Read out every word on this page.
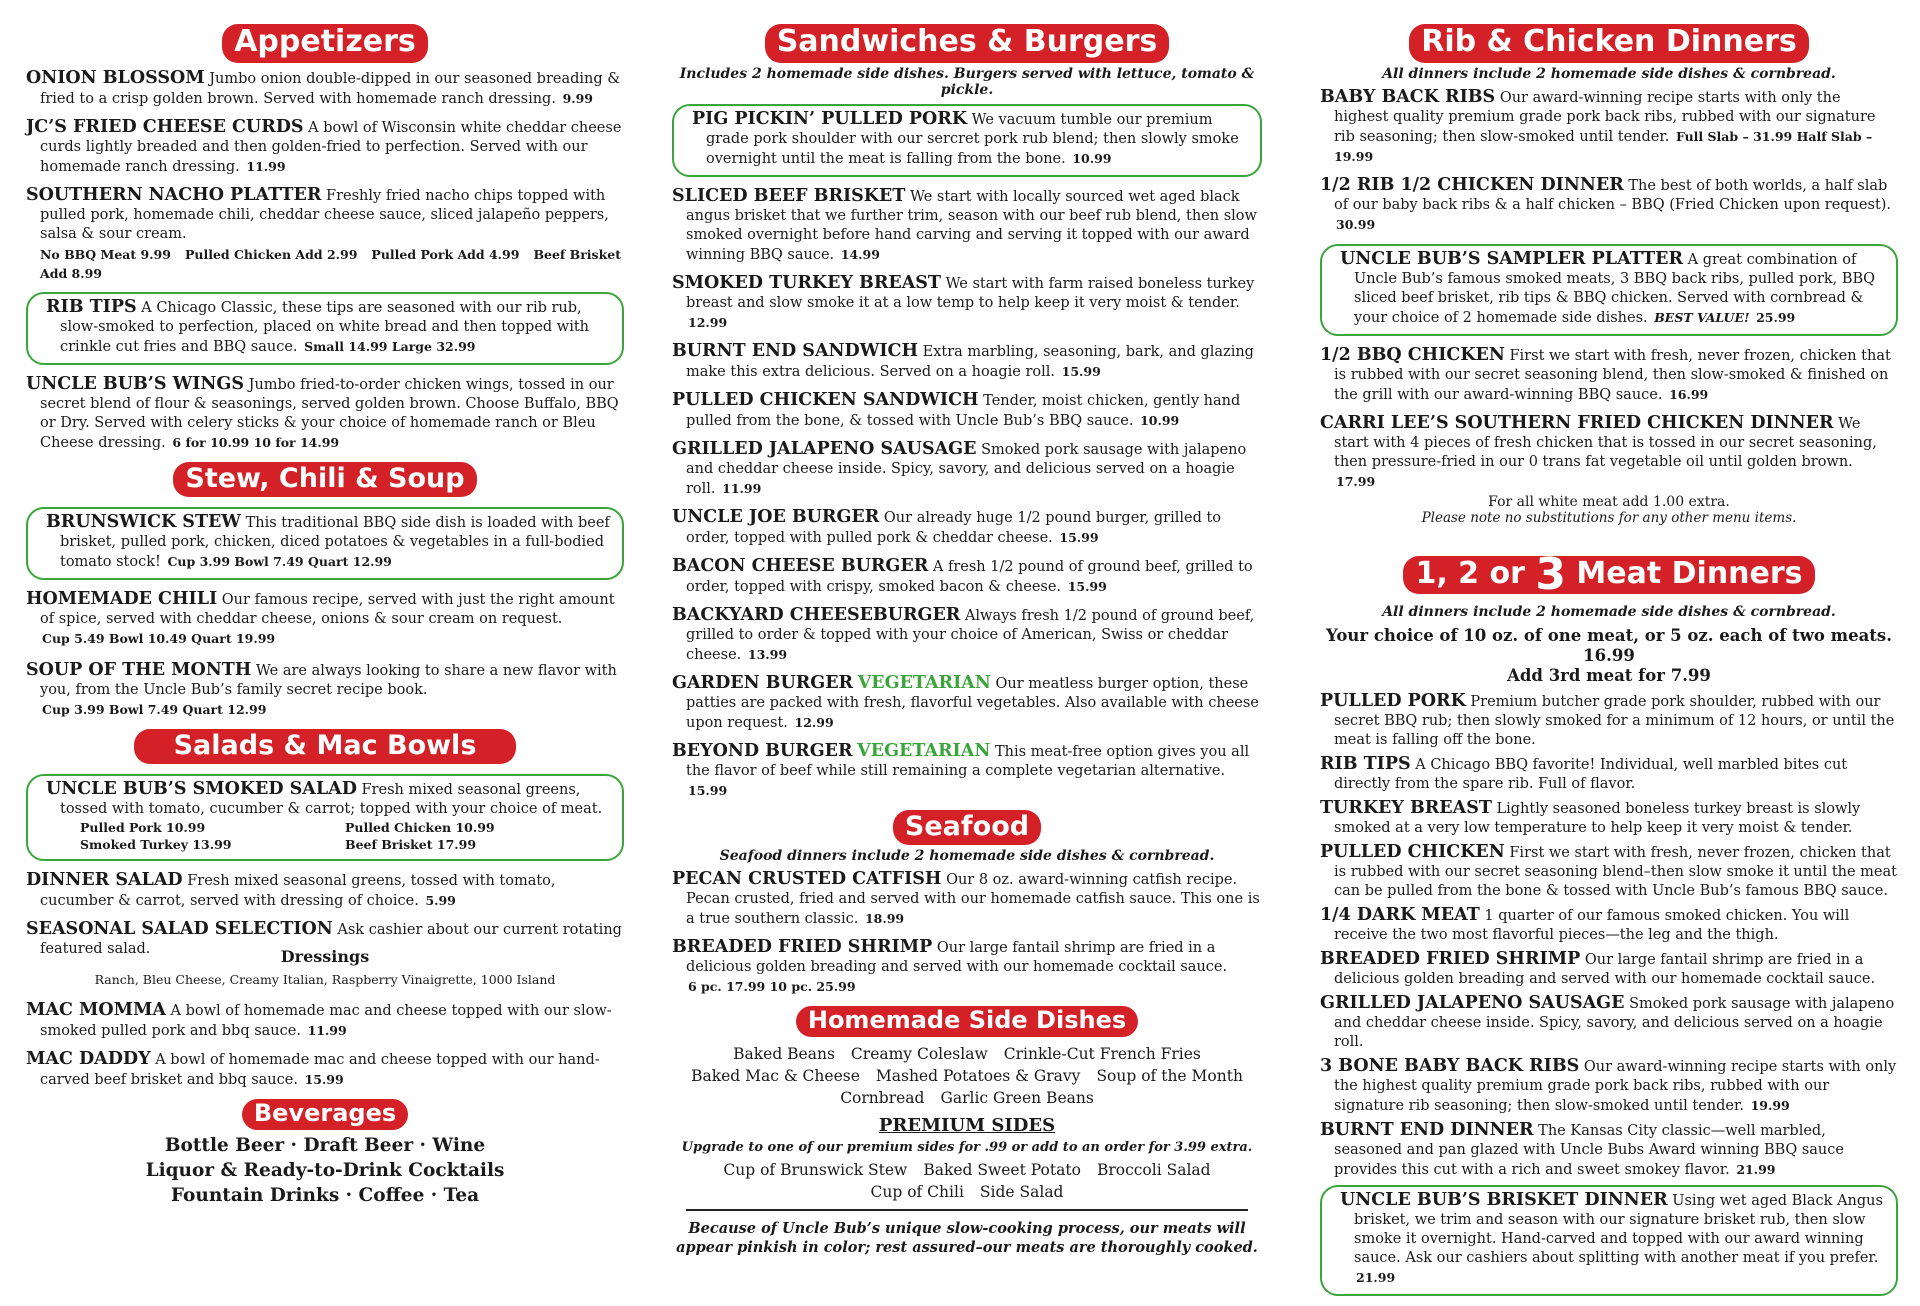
Appetizers

ONION BLOSSOM Jumbo onion double-dipped in our seasoned breading & fried to a crisp golden brown. Served with homemade ranch dressing. 9.99

JC’S FRIED CHEESE CURDS A bowl of Wisconsin white cheddar cheese curds lightly breaded and then golden-fried to perfection. Served with our homemade ranch dressing. 11.99

SOUTHERN NACHO PLATTER Freshly fried nacho chips topped with pulled pork, homemade chili, cheddar cheese sauce, sliced jalapeño peppers, salsa & sour cream.
No BBQ Meat 9.99 Pulled Chicken Add 2.99 Pulled Pork Add 4.99 Beef Brisket Add 8.99

RIB TIPS A Chicago Classic, these tips are seasoned with our rib rub, slow-smoked to perfection, placed on white bread and then topped with crinkle cut fries and BBQ sauce. Small 14.99 Large 32.99

UNCLE BUB’S WINGS Jumbo fried-to-order chicken wings, tossed in our secret blend of flour & seasonings, served golden brown. Choose Buffalo, BBQ or Dry. Served with celery sticks & your choice of homemade ranch or Bleu Cheese dressing. 6 for 10.99 10 for 14.99

Stew, Chili & Soup

BRUNSWICK STEW This traditional BBQ side dish is loaded with beef brisket, pulled pork, chicken, diced potatoes & vegetables in a full-bodied tomato stock! Cup 3.99 Bowl 7.49 Quart 12.99

HOMEMADE CHILI Our famous recipe, served with just the right amount of spice, served with cheddar cheese, onions & sour cream on request.
Cup 5.49 Bowl 10.49 Quart 19.99

SOUP OF THE MONTH We are always looking to share a new flavor with you, from the Uncle Bub’s family secret recipe book.
Cup 3.99 Bowl 7.49 Quart 12.99

Salads & Mac Bowls

UNCLE BUB’S SMOKED SALAD Fresh mixed seasonal greens, tossed with tomato, cucumber & carrot; topped with your choice of meat.

Pulled Pork 10.99	Pulled Chicken 10.99
Smoked Turkey 13.99	Beef Brisket 17.99

DINNER SALAD Fresh mixed seasonal greens, tossed with tomato, cucumber & carrot, served with dressing of choice. 5.99

SEASONAL SALAD SELECTION Ask cashier about our current rotating featured salad.	Dressings
Ranch, Bleu Cheese, Creamy Italian, Raspberry Vinaigrette, 1000 Island

MAC MOMMA A bowl of homemade mac and cheese topped with our slow-smoked pulled pork and bbq sauce. 11.99

MAC DADDY A bowl of homemade mac and cheese topped with our hand-carved beef brisket and bbq sauce. 15.99

Beverages
Bottle Beer · Draft Beer · Wine
Liquor & Ready-to-Drink Cocktails
Fountain Drinks · Coffee · Tea
Sandwiches & Burgers
Includes 2 homemade side dishes. Burgers served with lettuce, tomato & pickle.

PIG PICKIN’ PULLED PORK We vacuum tumble our premium grade pork shoulder with our sercret pork rub blend; then slowly smoke overnight until the meat is falling from the bone. 10.99

SLICED BEEF BRISKET We start with locally sourced wet aged black angus brisket that we further trim, season with our beef rub blend, then slow smoked overnight before hand carving and serving it topped with our award winning BBQ sauce. 14.99

SMOKED TURKEY BREAST We start with farm raised boneless turkey breast and slow smoke it at a low temp to help keep it very moist & tender. 12.99

BURNT END SANDWICH Extra marbling, seasoning, bark, and glazing make this extra delicious. Served on a hoagie roll. 15.99

PULLED CHICKEN SANDWICH Tender, moist chicken, gently hand pulled from the bone, & tossed with Uncle Bub’s BBQ sauce. 10.99

GRILLED JALAPENO SAUSAGE Smoked pork sausage with jalapeno and cheddar cheese inside. Spicy, savory, and delicious served on a hoagie roll. 11.99

UNCLE JOE BURGER Our already huge 1/2 pound burger, grilled to order, topped with pulled pork & cheddar cheese. 15.99

BACON CHEESE BURGER A fresh 1/2 pound of ground beef, grilled to order, topped with crispy, smoked bacon & cheese. 15.99

BACKYARD CHEESEBURGER Always fresh 1/2 pound of ground beef, grilled to order & topped with your choice of American, Swiss or cheddar cheese. 13.99

GARDEN BURGER VEGETARIAN Our meatless burger option, these patties are packed with fresh, flavorful vegetables. Also available with cheese upon request. 12.99

BEYOND BURGER VEGETARIAN This meat-free option gives you all the flavor of beef while still remaining a complete vegetarian alternative. 15.99

Seafood
Seafood dinners include 2 homemade side dishes & cornbread.

PECAN CRUSTED CATFISH Our 8 oz. award-winning catfish recipe. Pecan crusted, fried and served with our homemade catfish sauce. This one is a true southern classic. 18.99

BREADED FRIED SHRIMP Our large fantail shrimp are fried in a delicious golden breading and served with our homemade cocktail sauce.
6 pc. 17.99 10 pc. 25.99

Homemade Side Dishes
Baked Beans Creamy Coleslaw Crinkle-Cut French Fries
Baked Mac & Cheese Mashed Potatoes & Gravy Soup of the Month
Cornbread Garlic Green Beans
PREMIUM SIDES
Upgrade to one of our premium sides for .99 or add to an order for 3.99 extra.
Cup of Brunswick Stew Baked Sweet Potato Broccoli Salad
Cup of Chili Side Salad
Because of Uncle Bub’s unique slow-cooking process, our meats will appear pinkish in color; rest assured–our meats are thoroughly cooked.
Rib & Chicken Dinners
All dinners include 2 homemade side dishes & cornbread.

BABY BACK RIBS Our award-winning recipe starts with only the highest quality premium grade pork back ribs, rubbed with our signature rib seasoning; then slow-smoked until tender. Full Slab – 31.99 Half Slab – 19.99

1/2 RIB 1/2 CHICKEN DINNER The best of both worlds, a half slab of our baby back ribs & a half chicken – BBQ (Fried Chicken upon request). 30.99

UNCLE BUB’S SAMPLER PLATTER A great combination of Uncle Bub’s famous smoked meats, 3 BBQ back ribs, pulled pork, BBQ sliced beef brisket, rib tips & BBQ chicken. Served with cornbread & your choice of 2 homemade side dishes. BEST VALUE! 25.99

1/2 BBQ CHICKEN First we start with fresh, never frozen, chicken that is rubbed with our secret seasoning blend, then slow-smoked & finished on the grill with our award-winning BBQ sauce. 16.99

CARRI LEE’S SOUTHERN FRIED CHICKEN DINNER We start with 4 pieces of fresh chicken that is tossed in our secret seasoning, then pressure-fried in our 0 trans fat vegetable oil until golden brown. 17.99

For all white meat add 1.00 extra.
Please note no substitutions for any other menu items.
1, 2 or 3 Meat Dinners
All dinners include 2 homemade side dishes & cornbread.
Your choice of 10 oz. of one meat, or 5 oz. each of two meats. 16.99
Add 3rd meat for 7.99

PULLED PORK Premium butcher grade pork shoulder, rubbed with our secret BBQ rub; then slowly smoked for a minimum of 12 hours, or until the meat is falling off the bone.

RIB TIPS A Chicago BBQ favorite! Individual, well marbled bites cut directly from the spare rib. Full of flavor.

TURKEY BREAST Lightly seasoned boneless turkey breast is slowly smoked at a very low temperature to help keep it very moist & tender.

PULLED CHICKEN First we start with fresh, never frozen, chicken that is rubbed with our secret seasoning blend–then slow smoke it until the meat can be pulled from the bone & tossed with Uncle Bub’s famous BBQ sauce.

1/4 DARK MEAT 1 quarter of our famous smoked chicken. You will receive the two most flavorful pieces—the leg and the thigh.

BREADED FRIED SHRIMP Our large fantail shrimp are fried in a delicious golden breading and served with our homemade cocktail sauce.

GRILLED JALAPENO SAUSAGE Smoked pork sausage with jalapeno and cheddar cheese inside. Spicy, savory, and delicious served on a hoagie roll.

3 BONE BABY BACK RIBS Our award-winning recipe starts with only the highest quality premium grade pork back ribs, rubbed with our signature rib seasoning; then slow-smoked until tender. 19.99

BURNT END DINNER The Kansas City classic—well marbled, seasoned and pan glazed with Uncle Bubs Award winning BBQ sauce provides this cut with a rich and sweet smokey flavor. 21.99

UNCLE BUB’S BRISKET DINNER Using wet aged Black Angus brisket, we trim and season with our signature brisket rub, then slow smoke it overnight. Hand-carved and topped with our award winning sauce. Ask our cashiers about splitting with another meat if you prefer. 21.99
